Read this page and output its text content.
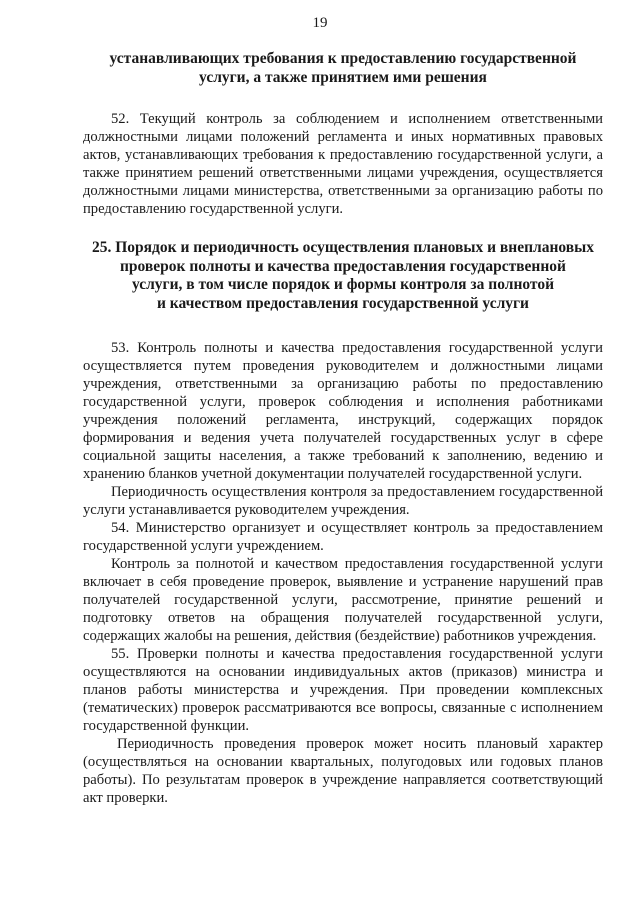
19
устанавливающих требования к предоставлению государственной услуги, а также принятием ими решения

52. Текущий контроль за соблюдением и исполнением ответственными должностными лицами положений регламента и иных нормативных правовых актов, устанавливающих требования к предоставлению государственной услуги, а также принятием решений ответственными лицами учреждения, осуществляется должностными лицами министерства, ответственными за организацию работы по предоставлению государственной услуги.

25. Порядок и периодичность осуществления плановых и внеплановых
проверок полноты и качества предоставления государственной
услуги, в том числе порядок и формы контроля за полнотой
и качеством предоставления государственной услуги

53. Контроль полноты и качества предоставления государственной услуги осуществляется путем проведения руководителем и должностными лицами учреждения, ответственными за организацию работы по предоставлению государственной услуги, проверок соблюдения и исполнения работниками учреждения положений регламента, инструкций, содержащих порядок формирования и ведения учета получателей государственных услуг в сфере социальной защиты населения, а также требований к заполнению, ведению и хранению бланков учетной документации получателей государственной услуги.

Периодичность осуществления контроля за предоставлением государственной услуги устанавливается руководителем учреждения.

54. Министерство организует и осуществляет контроль за предоставлением государственной услуги учреждением.

Контроль за полнотой и качеством предоставления государственной услуги включает в себя проведение проверок, выявление и устранение нарушений прав получателей государственной услуги, рассмотрение, принятие решений и подготовку ответов на обращения получателей государственной услуги, содержащих жалобы на решения, действия (бездействие) работников учреждения.

55. Проверки полноты и качества предоставления государственной услуги осуществляются на основании индивидуальных актов (приказов) министра и планов работы министерства и учреждения. При проведении комплексных (тематических) проверок рассматриваются все вопросы, связанные с исполнением государственной функции.

Периодичность проведения проверок может носить плановый характер (осуществляться на основании квартальных, полугодовых или годовых планов работы). По результатам проверок в учреждение направляется соответствующий акт проверки.
